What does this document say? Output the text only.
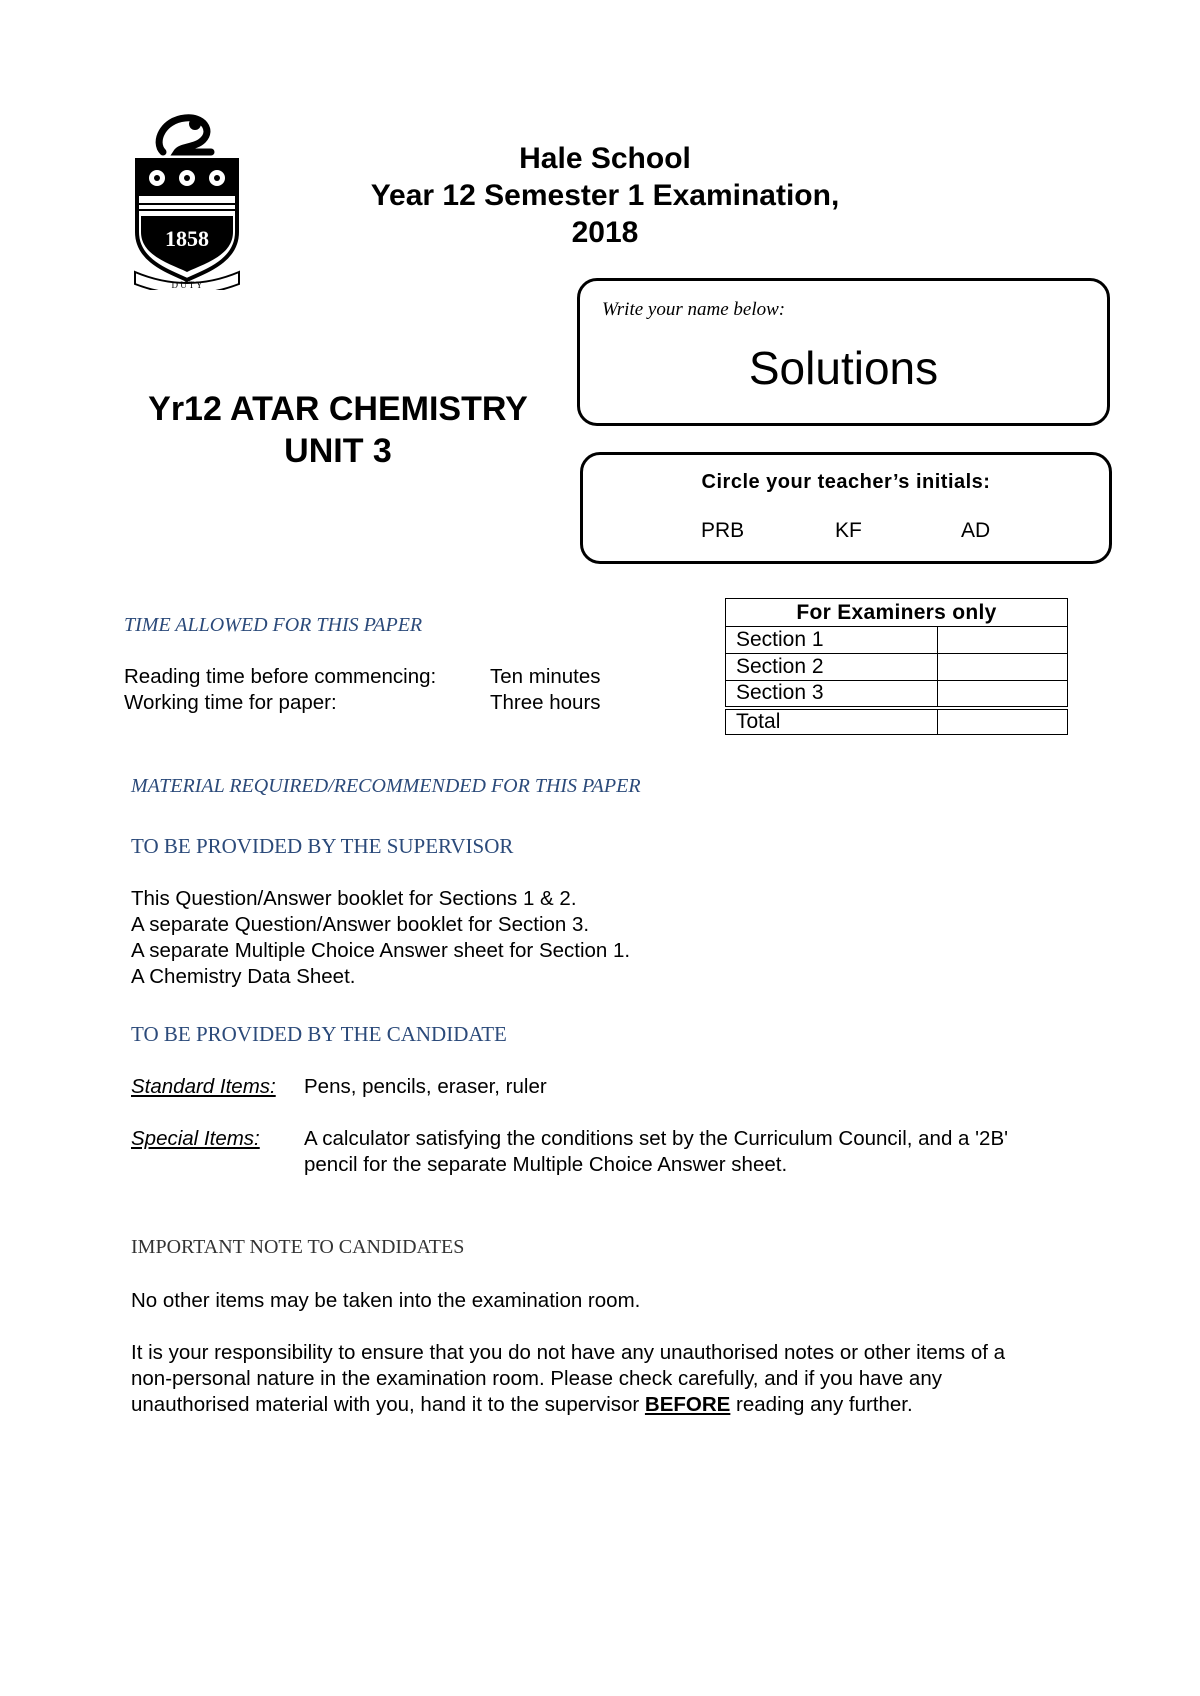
1858
D U T Y
Hale School
Year 12 Semester 1 Examination,
2018
Yr12 ATAR CHEMISTRY
UNIT 3
Write your name below:
Solutions
Circle your teacher’s initials:
PRB	KF	AD
For Examiners only	
Section 1	
Section 2	
Section 3	
Total	
TIME ALLOWED FOR THIS PAPER
Reading time before commencing:	Ten minutes
Working time for paper:	Three hours
MATERIAL REQUIRED/RECOMMENDED FOR THIS PAPER
TO BE PROVIDED BY THE SUPERVISOR
This Question/Answer booklet for Sections 1 & 2.
A separate Question/Answer booklet for Section 3.
A separate Multiple Choice Answer sheet for Section 1.
A Chemistry Data Sheet.
TO BE PROVIDED BY THE CANDIDATE
Standard Items: Pens, pencils, eraser, ruler
Special Items: A calculator satisfying the conditions set by the Curriculum Council, and a '2B'
pencil for the separate Multiple Choice Answer sheet.
IMPORTANT NOTE TO CANDIDATES
No other items may be taken into the examination room.
It is your responsibility to ensure that you do not have any unauthorised notes or other items of a
non-personal nature in the examination room. Please check carefully, and if you have any
unauthorised material with you, hand it to the supervisor BEFORE reading any further.
